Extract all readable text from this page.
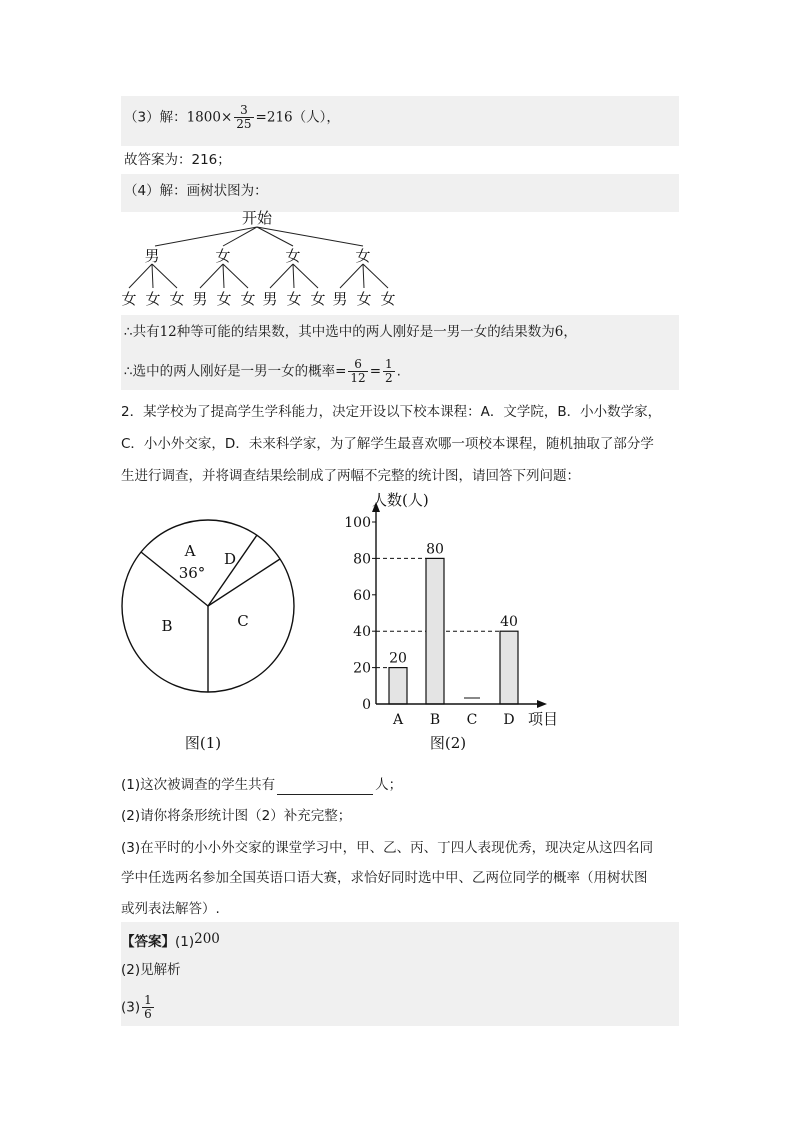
（3）解：$1800\times \frac{3}{25} =216$（人），
故答案为：216；
（4）解：画树状图为：
开始
男	女	女	女
女 女 女 男 女 女 男 女 女 男 女 女
∴共有12种等可能的结果数，其中选中的两人刚好是一男一女的结果数为6，
∴选中的两人刚好是一男一女的概率= $\frac{6}{12} = \frac{1}{2}$ .
2．某学校为了提高学生学科能力，决定开设以下校本课程：A．文学院，B．小小数学家，
C．小小外交家，D．未来科学家，为了解学生最喜欢哪一项校本课程，随机抽取了部分学
生进行调查，并将调查结果绘制成了两幅不完整的统计图，请回答下列问题：
A
36°
B	C
D
图(1)
0
20
40
60
80
100
人数(人)
项目
A
20
B
80
C D
40
图(2)
(1)这次被调查的学生共有	人；
(2)请你将条形统计图（2）补充完整；
(3)在平时的小小外交家的课堂学习中，甲、乙、丙、丁四人表现优秀，现决定从这四名同
学中任选两名参加全国英语口语大赛，求恰好同时选中甲、乙两位同学的概率（用树状图
或列表法解答）.
【答案】(1)200
(2)见解析
$(3) \frac{1}{6}$
